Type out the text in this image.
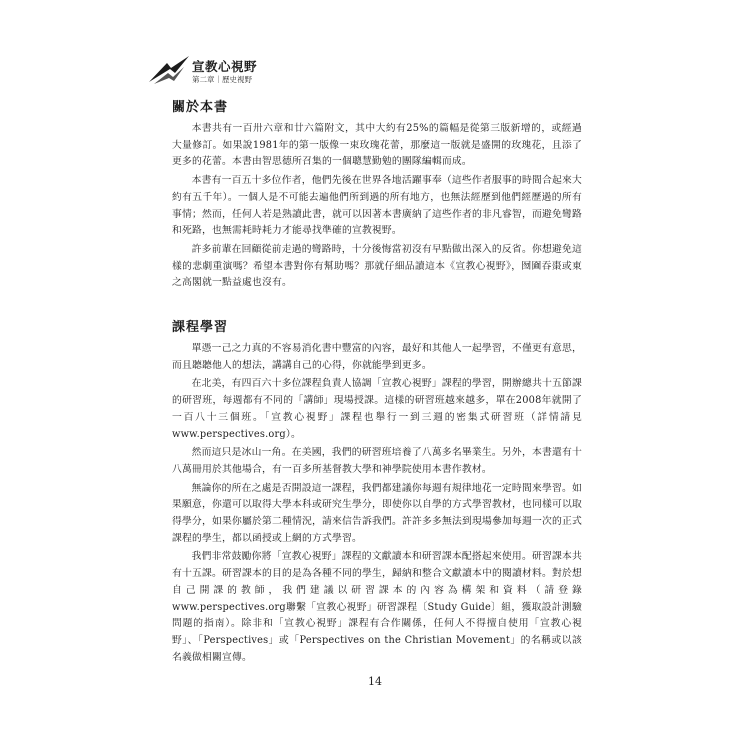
宣教心視野
第二章｜歷史視野
關於本書

本書共有一百卅六章和廿六篇附文，其中大約有25%的篇幅是從第三版新增的，或經過大量修訂。如果說1981年的第一版像一束玫瑰花蕾，那麼這一版就是盛開的玫瑰花，且添了更多的花蕾。本書由智思德所召集的一個聰慧勤勉的團隊編輯而成。

本書有一百五十多位作者，他們先後在世界各地活躍事奉（這些作者服事的時間合起來大約有五千年）。一個人是不可能去遍他們所到過的所有地方，也無法經歷到他們經歷過的所有事情；然而，任何人若是熟讀此書，就可以因著本書廣納了這些作者的非凡睿智，而避免彎路和死路，也無需耗時耗力才能尋找準確的宣教視野。

許多前輩在回顧從前走過的彎路時，十分後悔當初沒有早點做出深入的反省。你想避免這樣的悲劇重演嗎？希望本書對你有幫助嗎？那就仔細品讀這本《宣教心視野》，囫圇吞棗或東之高閣就一點益處也沒有。

課程學習

單憑一己之力真的不容易消化書中豐富的內容，最好和其他人一起學習，不僅更有意思，而且聽聽他人的想法，講講自己的心得，你就能學到更多。

在北美，有四百六十多位課程負責人協調「宣教心視野」課程的學習，開辦總共十五節課的研習班，每週都有不同的「講師」現場授課。這樣的研習班越來越多，單在2008年就開了一百八十三個班。「宣教心視野」課程也舉行一到三週的密集式研習班（詳情請見www.perspectives.org）。

然而這只是冰山一角。在美國，我們的研習班培養了八萬多名畢業生。另外，本書還有十八萬冊用於其他場合，有一百多所基督教大學和神學院使用本書作教材。

無論你的所在之處是否開設這一課程，我們都建議你每週有規律地花一定時間來學習。如果願意，你還可以取得大學本科或研究生學分，即使你以自學的方式學習教材，也同樣可以取得學分，如果你屬於第二種情況，請來信告訴我們。許許多多無法到現場參加每週一次的正式課程的學生，都以函授或上網的方式學習。

我們非常鼓勵你將「宣教心視野」課程的文獻讀本和研習課本配搭起來使用。研習課本共有十五課。研習課本的目的是為各種不同的學生，歸納和整合文獻讀本中的閱讀材料。對於想自己開課的教師，我們建議以研習課本的內容為構架和資料（請登錄www.perspectives.org聯繫「宣教心視野」研習課程〔Study Guide〕組，獲取設計測驗問題的指南）。除非和「宣教心視野」課程有合作關係，任何人不得擅自使用「宣教心視野」、「Perspectives」或「Perspectives on the Christian Movement」的名稱或以該名義做相關宣傳。

14
